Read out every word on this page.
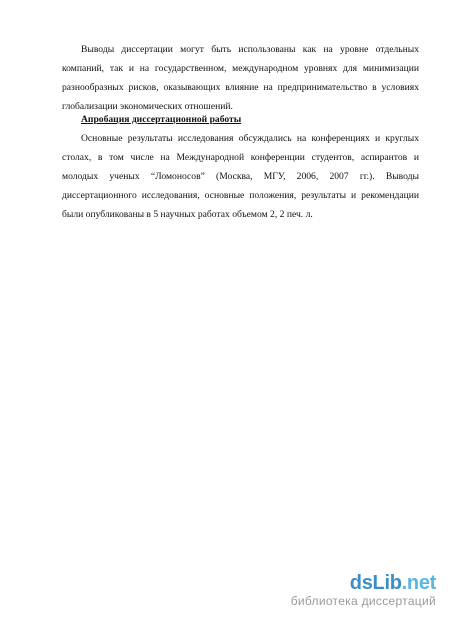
Выводы диссертации могут быть использованы как на уровне отдельных компаний, так и на государственном, международном уровнях для минимизации разнообразных рисков, оказывающих влияние на предпринимательство в условиях глобализации экономических отношений.

Апробация диссертационной работы

Основные результаты исследования обсуждались на конференциях и круглых столах, в том числе на Международной конференции студентов, аспирантов и молодых ученых “Ломоносов” (Москва, МГУ, 2006, 2007 гг.). Выводы диссертационного исследования, основные положения, результаты и рекомендации были опубликованы в 5 научных работах объемом 2, 2 печ. л.

dsLib.net
библиотека диссертаций
